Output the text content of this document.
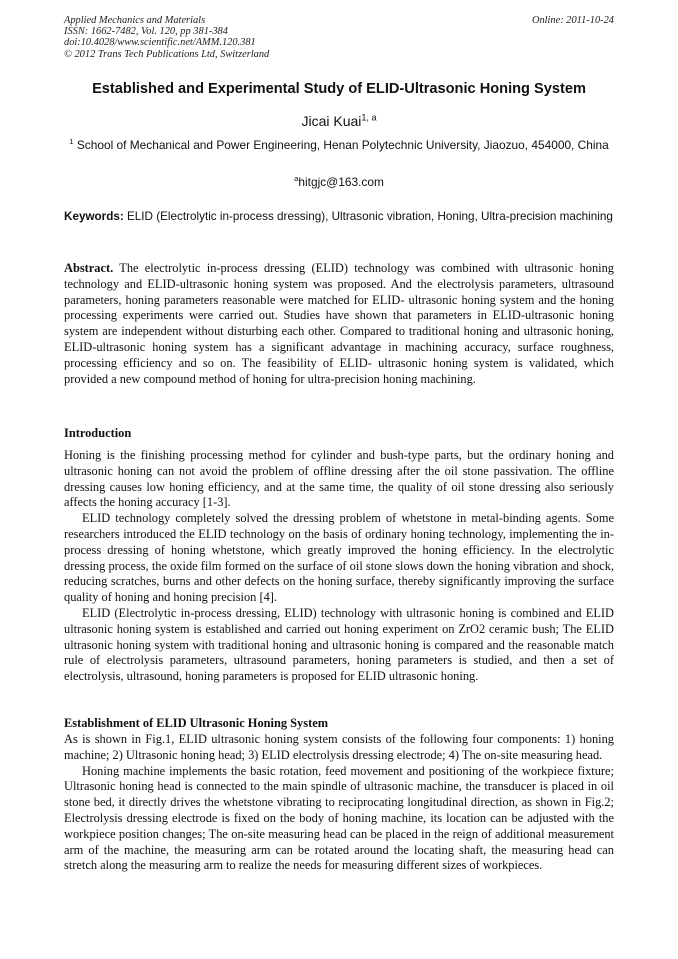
Applied Mechanics and Materials
ISSN: 1662-7482, Vol. 120, pp 381-384
doi:10.4028/www.scientific.net/AMM.120.381
© 2012 Trans Tech Publications Ltd, Switzerland
Online: 2011-10-24
Established and Experimental Study of ELID-Ultrasonic Honing System
Jicai Kuai$^{1, a}$
$^1$ School of Mechanical and Power Engineering, Henan Polytechnic University, Jiaozuo, 454000, China
$^a$hitgjc@163.com
Keywords: ELID (Electrolytic in-process dressing), Ultrasonic vibration, Honing, Ultra-precision machining
Abstract. The electrolytic in-process dressing (ELID) technology was combined with ultrasonic honing technology and ELID-ultrasonic honing system was proposed. And the electrolysis parameters, ultrasound parameters, honing parameters reasonable were matched for ELID- ultrasonic honing system and the honing processing experiments were carried out. Studies have shown that parameters in ELID-ultrasonic honing system are independent without disturbing each other. Compared to traditional honing and ultrasonic honing, ELID-ultrasonic honing system has a significant advantage in machining accuracy, surface roughness, processing efficiency and so on. The feasibility of ELID- ultrasonic honing system is validated, which provided a new compound method of honing for ultra-precision honing machining.
Introduction

Honing is the finishing processing method for cylinder and bush-type parts, but the ordinary honing and ultrasonic honing can not avoid the problem of offline dressing after the oil stone passivation. The offline dressing causes low honing efficiency, and at the same time, the quality of oil stone dressing also seriously affects the honing accuracy [1-3].

ELID technology completely solved the dressing problem of whetstone in metal-binding agents. Some researchers introduced the ELID technology on the basis of ordinary honing technology, implementing the in-process dressing of honing whetstone, which greatly improved the honing efficiency. In the electrolytic dressing process, the oxide film formed on the surface of oil stone slows down the honing vibration and shock, reducing scratches, burns and other defects on the honing surface, thereby significantly improving the surface quality of honing and honing precision [4].

ELID (Electrolytic in-process dressing, ELID) technology with ultrasonic honing is combined and ELID ultrasonic honing system is established and carried out honing experiment on ZrO2 ceramic bush; The ELID ultrasonic honing system with traditional honing and ultrasonic honing is compared and the reasonable match rule of electrolysis parameters, ultrasound parameters, honing parameters is studied, and then a set of electrolysis, ultrasound, honing parameters is proposed for ELID ultrasonic honing.

Establishment of ELID Ultrasonic Honing System

As is shown in Fig.1, ELID ultrasonic honing system consists of the following four components: 1) honing machine; 2) Ultrasonic honing head; 3) ELID electrolysis dressing electrode; 4) The on-site measuring head.

Honing machine implements the basic rotation, feed movement and positioning of the workpiece fixture; Ultrasonic honing head is connected to the main spindle of ultrasonic machine, the transducer is placed in oil stone bed, it directly drives the whetstone vibrating to reciprocating longitudinal direction, as shown in Fig.2; Electrolysis dressing electrode is fixed on the body of honing machine, its location can be adjusted with the workpiece position changes; The on-site measuring head can be placed in the reign of additional measurement arm of the machine, the measuring arm can be rotated around the locating shaft, the measuring head can stretch along the measuring arm to realize the needs for measuring different sizes of workpieces.
